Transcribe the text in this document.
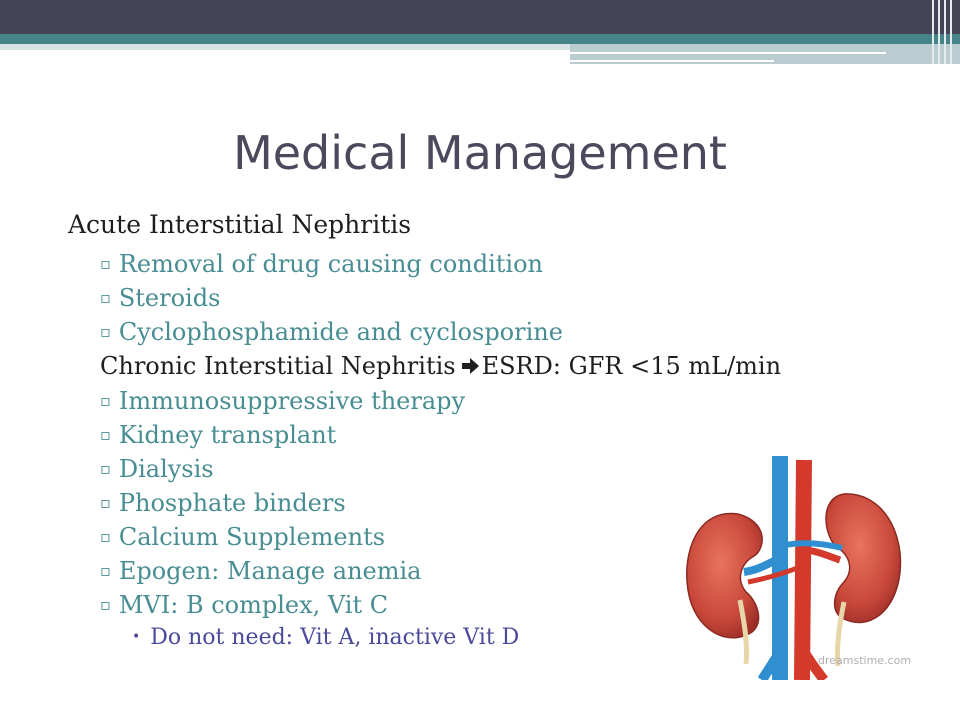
Medical Management
Acute Interstitial Nephritis
▫ Removal of drug causing condition
▫ Steroids
▫ Cyclophosphamide and cyclosporine
Chronic Interstitial Nephritis ESRD: GFR <15 mL/min
▫ Immunosuppressive therapy
▫ Kidney transplant
▫ Dialysis
▫ Phosphate binders
▫ Calcium Supplements
▫ Epogen: Manage anemia
▫ MVI: B complex, Vit C
• Do not need: Vit A, inactive Vit D
dreamstime.com
